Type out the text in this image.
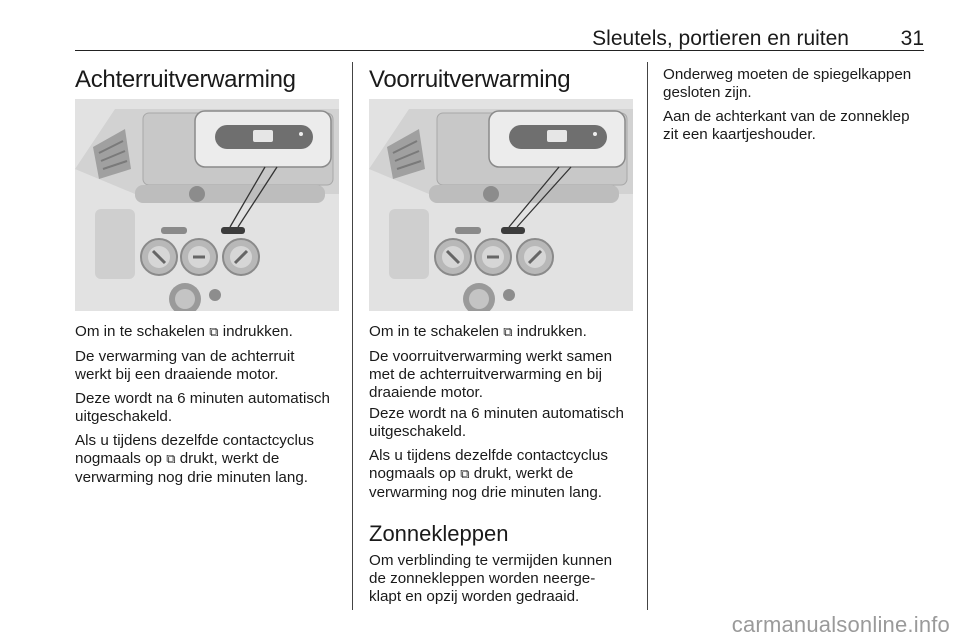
Sleutels, portieren en ruiten 31
Achterruitverwarming

Om in te schakelen ⧉ indrukken.

De verwarming van de achterruit
werkt bij een draaiende motor.

Deze wordt na 6 minuten automatisch
uitgeschakeld.

Als u tijdens dezelfde contactcyclus
nogmaals op ⧉ drukt, werkt de
verwarming nog drie minuten lang.

Voorruitverwarming

Om in te schakelen ⧉ indrukken.

De voorruitverwarming werkt samen
met de achterruitverwarming en bij
draaiende motor.

Deze wordt na 6 minuten automatisch
uitgeschakeld.

Als u tijdens dezelfde contactcyclus
nogmaals op ⧉ drukt, werkt de
verwarming nog drie minuten lang.

Zonnekleppen

Om verblinding te vermijden kunnen
de zonnekleppen worden neerge-
klapt en opzij worden gedraaid.

Onderweg moeten de spiegelkappen
gesloten zijn.

Aan de achterkant van de zonneklep
zit een kaartjeshouder.

carmanualsonline.info
